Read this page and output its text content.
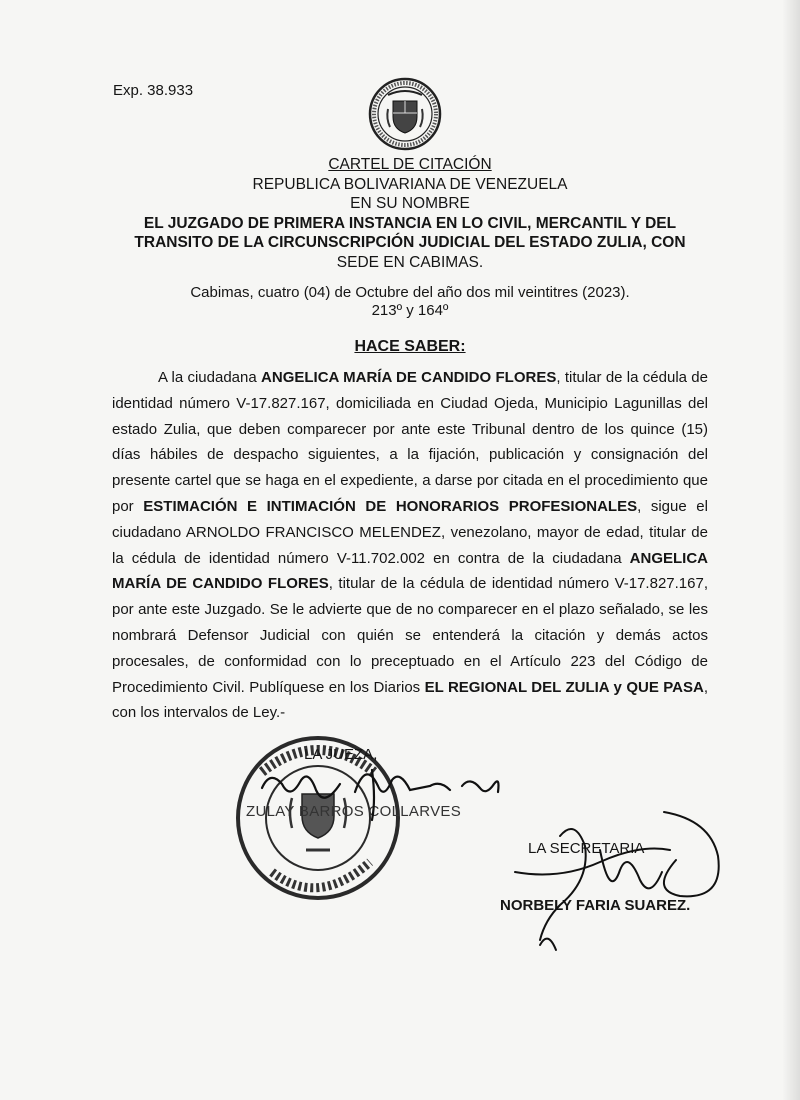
Exp. 38.933
CARTEL DE CITACIÓN
REPUBLICA BOLIVARIANA DE VENEZUELA
EN SU NOMBRE
EL JUZGADO DE PRIMERA INSTANCIA EN LO CIVIL, MERCANTIL Y DEL
TRANSITO DE LA CIRCUNSCRIPCIÓN JUDICIAL DEL ESTADO ZULIA, CON
SEDE EN CABIMAS.
Cabimas, cuatro (04) de Octubre del año dos mil veintitres (2023).
213º y 164º
HACE SABER:
A la ciudadana ANGELICA MARÍA DE CANDIDO FLORES, titular de la cédula de identidad número V-17.827.167, domiciliada en Ciudad Ojeda, Municipio Lagunillas del estado Zulia, que deben comparecer por ante este Tribunal dentro de los quince (15) días hábiles de despacho siguientes, a la fijación, publicación y consignación del presente cartel que se haga en el expediente, a darse por citada en el procedimiento que por ESTIMACIÓN E INTIMACIÓN DE HONORARIOS PROFESIONALES, sigue el ciudadano ARNOLDO FRANCISCO MELENDEZ, venezolano, mayor de edad, titular de la cédula de identidad número V-11.702.002 en contra de la ciudadana ANGELICA MARÍA DE CANDIDO FLORES, titular de la cédula de identidad número V-17.827.167, por ante este Juzgado. Se le advierte que de no comparecer en el plazo señalado, se les nombrará Defensor Judicial con quién se entenderá la citación y demás actos procesales, de conformidad con lo preceptuado en el Artículo 223 del Código de Procedimiento Civil. Publíquese en los Diarios EL REGIONAL DEL ZULIA y QUE PASA, con los intervalos de Ley.-
LA JUEZA,
ZULAY BARROS COLLARVES
LA SECRETARIA
NORBELY FARIA SUAREZ.
